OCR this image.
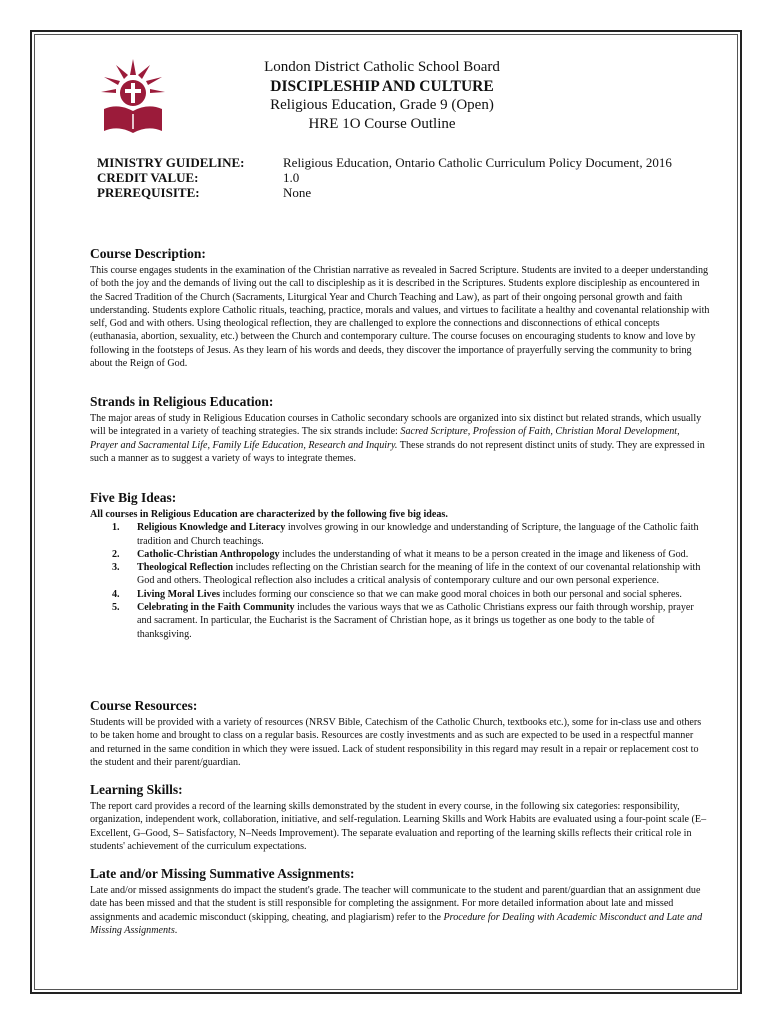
London District Catholic School Board
DISCIPLESHIP AND CULTURE
Religious Education, Grade 9 (Open)
HRE 1O Course Outline
MINISTRY GUIDELINE:	Religious Education, Ontario Catholic Curriculum Policy Document, 2016
CREDIT VALUE:	1.0
PREREQUISITE:	None
Course Description:

This course engages students in the examination of the Christian narrative as revealed in Sacred Scripture. Students are invited to a deeper understanding of both the joy and the demands of living out the call to discipleship as it is described in the Scriptures. Students explore discipleship as encountered in the Sacred Tradition of the Church (Sacraments, Liturgical Year and Church Teaching and Law), as part of their ongoing personal growth and faith understanding. Students explore Catholic rituals, teaching, practice, morals and values, and virtues to facilitate a healthy and covenantal relationship with self, God and with others. Using theological reflection, they are challenged to explore the connections and disconnections of ethical concepts (euthanasia, abortion, sexuality, etc.) between the Church and contemporary culture. The course focuses on encouraging students to know and love by following in the footsteps of Jesus. As they learn of his words and deeds, they discover the importance of prayerfully serving the community to bring about the Reign of God.

Strands in Religious Education:

The major areas of study in Religious Education courses in Catholic secondary schools are organized into six distinct but related strands, which usually will be integrated in a variety of teaching strategies. The six strands include: Sacred Scripture, Profession of Faith, Christian Moral Development, Prayer and Sacramental Life, Family Life Education, Research and Inquiry. These strands do not represent distinct units of study. They are expressed in such a manner as to suggest a variety of ways to integrate themes.

Five Big Ideas:

All courses in Religious Education are characterized by the following five big ideas.

1.	Religious Knowledge and Literacy involves growing in our knowledge and understanding of Scripture, the language of the Catholic faith tradition and Church teachings.
2.	Catholic-Christian Anthropology includes the understanding of what it means to be a person created in the image and likeness of God.
3.	Theological Reflection includes reflecting on the Christian search for the meaning of life in the context of our covenantal relationship with God and others. Theological reflection also includes a critical analysis of contemporary culture and our own personal experience.
4.	Living Moral Lives includes forming our conscience so that we can make good moral choices in both our personal and social spheres.
5.	Celebrating in the Faith Community includes the various ways that we as Catholic Christians express our faith through worship, prayer and sacrament. In particular, the Eucharist is the Sacrament of Christian hope, as it brings us together as one body to the table of thanksgiving.
Course Resources:

Students will be provided with a variety of resources (NRSV Bible, Catechism of the Catholic Church, textbooks etc.), some for in-class use and others to be taken home and brought to class on a regular basis. Resources are costly investments and as such are expected to be used in a respectful manner and returned in the same condition in which they were issued. Lack of student responsibility in this regard may result in a repair or replacement cost to the student and their parent/guardian.

Learning Skills:

The report card provides a record of the learning skills demonstrated by the student in every course, in the following six categories: responsibility, organization, independent work, collaboration, initiative, and self-regulation. Learning Skills and Work Habits are evaluated using a four-point scale (E–Excellent, G–Good, S– Satisfactory, N–Needs Improvement). The separate evaluation and reporting of the learning skills reflects their critical role in students' achievement of the curriculum expectations.

Late and/or Missing Summative Assignments:

Late and/or missed assignments do impact the student's grade. The teacher will communicate to the student and parent/guardian that an assignment due date has been missed and that the student is still responsible for completing the assignment. For more detailed information about late and missed assignments and academic misconduct (skipping, cheating, and plagiarism) refer to the Procedure for Dealing with Academic Misconduct and Late and Missing Assignments.
